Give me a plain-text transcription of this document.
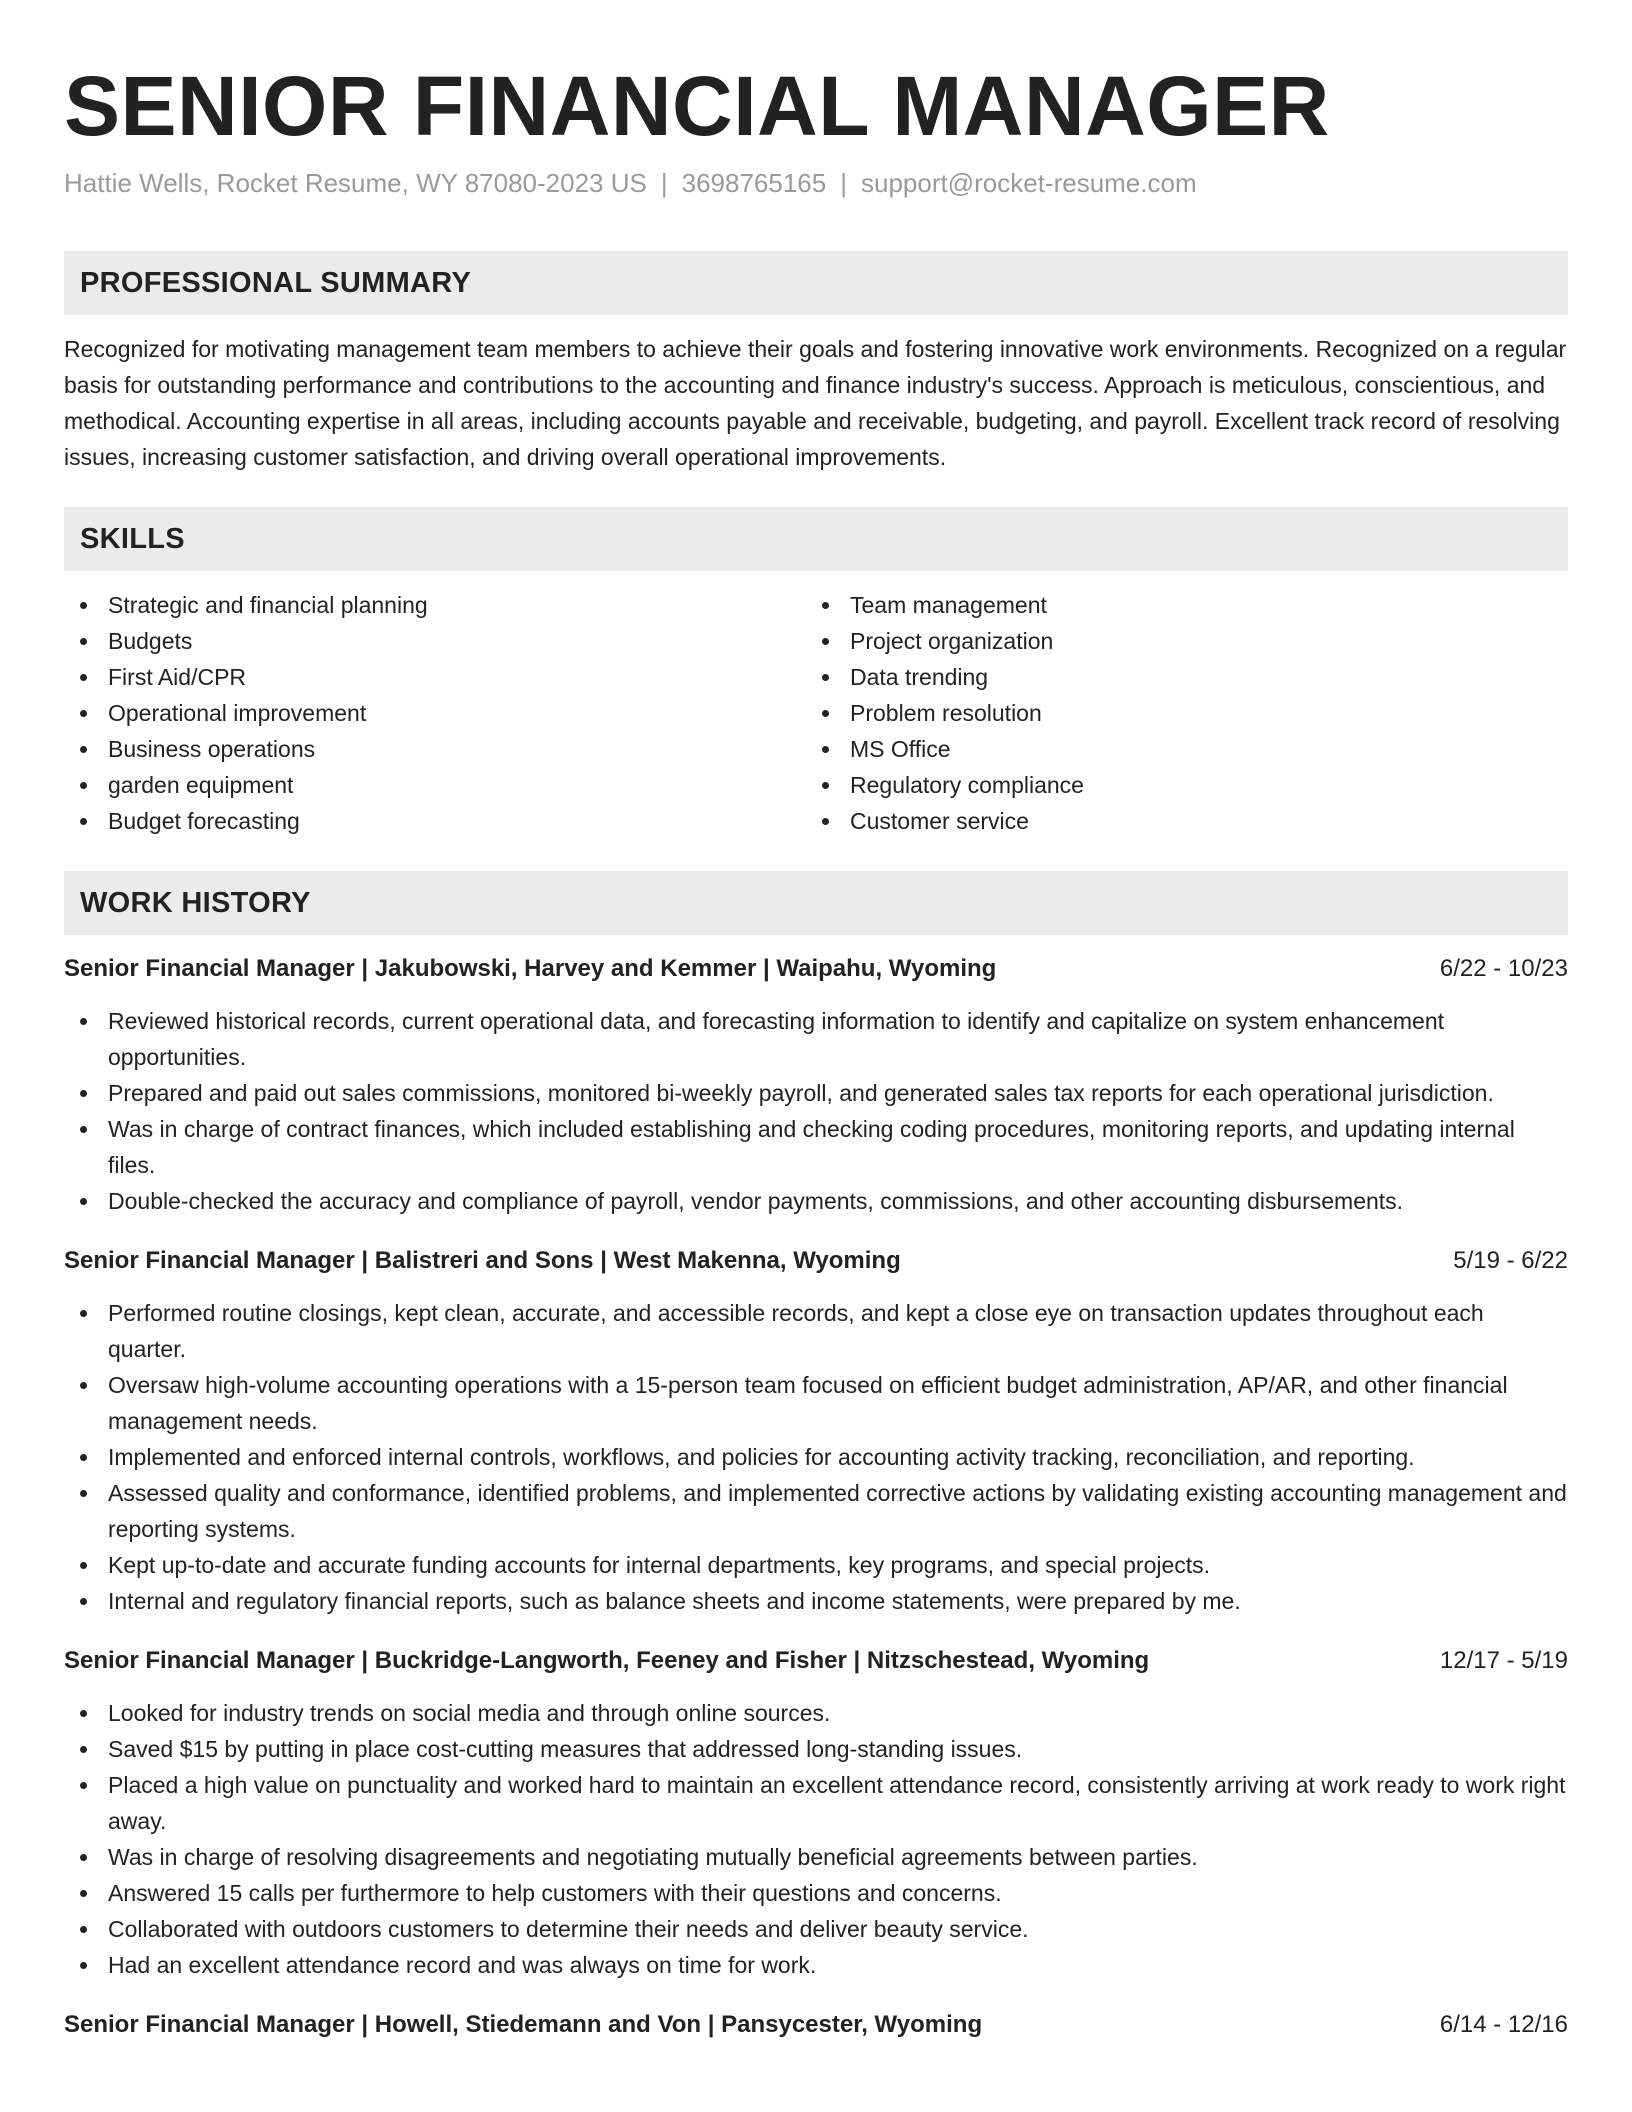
SENIOR FINANCIAL MANAGER
Hattie Wells, Rocket Resume, WY 87080-2023 US | 3698765165 | support@rocket-resume.com
PROFESSIONAL SUMMARY

Recognized for motivating management team members to achieve their goals and fostering innovative work environments. Recognized on a regular basis for outstanding performance and contributions to the accounting and finance industry's success. Approach is meticulous, conscientious, and methodical. Accounting expertise in all areas, including accounts payable and receivable, budgeting, and payroll. Excellent track record of resolving issues, increasing customer satisfaction, and driving overall operational improvements.

SKILLS
Strategic and financial planning
Budgets
First Aid/CPR
Operational improvement
Business operations
garden equipment
Budget forecasting
Team management
Project organization
Data trending
Problem resolution
MS Office
Regulatory compliance
Customer service
WORK HISTORY
Senior Financial Manager | Jakubowski, Harvey and Kemmer | Waipahu, Wyoming	6/22 - 10/23
Reviewed historical records, current operational data, and forecasting information to identify and capitalize on system enhancement opportunities.
Prepared and paid out sales commissions, monitored bi-weekly payroll, and generated sales tax reports for each operational jurisdiction.
Was in charge of contract finances, which included establishing and checking coding procedures, monitoring reports, and updating internal files.
Double-checked the accuracy and compliance of payroll, vendor payments, commissions, and other accounting disbursements.
Senior Financial Manager | Balistreri and Sons | West Makenna, Wyoming	5/19 - 6/22
Performed routine closings, kept clean, accurate, and accessible records, and kept a close eye on transaction updates throughout each quarter.
Oversaw high-volume accounting operations with a 15-person team focused on efficient budget administration, AP/AR, and other financial management needs.
Implemented and enforced internal controls, workflows, and policies for accounting activity tracking, reconciliation, and reporting.
Assessed quality and conformance, identified problems, and implemented corrective actions by validating existing accounting management and reporting systems.
Kept up-to-date and accurate funding accounts for internal departments, key programs, and special projects.
Internal and regulatory financial reports, such as balance sheets and income statements, were prepared by me.
Senior Financial Manager | Buckridge-Langworth, Feeney and Fisher | Nitzschestead, Wyoming	12/17 - 5/19
Looked for industry trends on social media and through online sources.
Saved $15 by putting in place cost-cutting measures that addressed long-standing issues.
Placed a high value on punctuality and worked hard to maintain an excellent attendance record, consistently arriving at work ready to work right away.
Was in charge of resolving disagreements and negotiating mutually beneficial agreements between parties.
Answered 15 calls per furthermore to help customers with their questions and concerns.
Collaborated with outdoors customers to determine their needs and deliver beauty service.
Had an excellent attendance record and was always on time for work.
Senior Financial Manager | Howell, Stiedemann and Von | Pansycester, Wyoming	6/14 - 12/16
